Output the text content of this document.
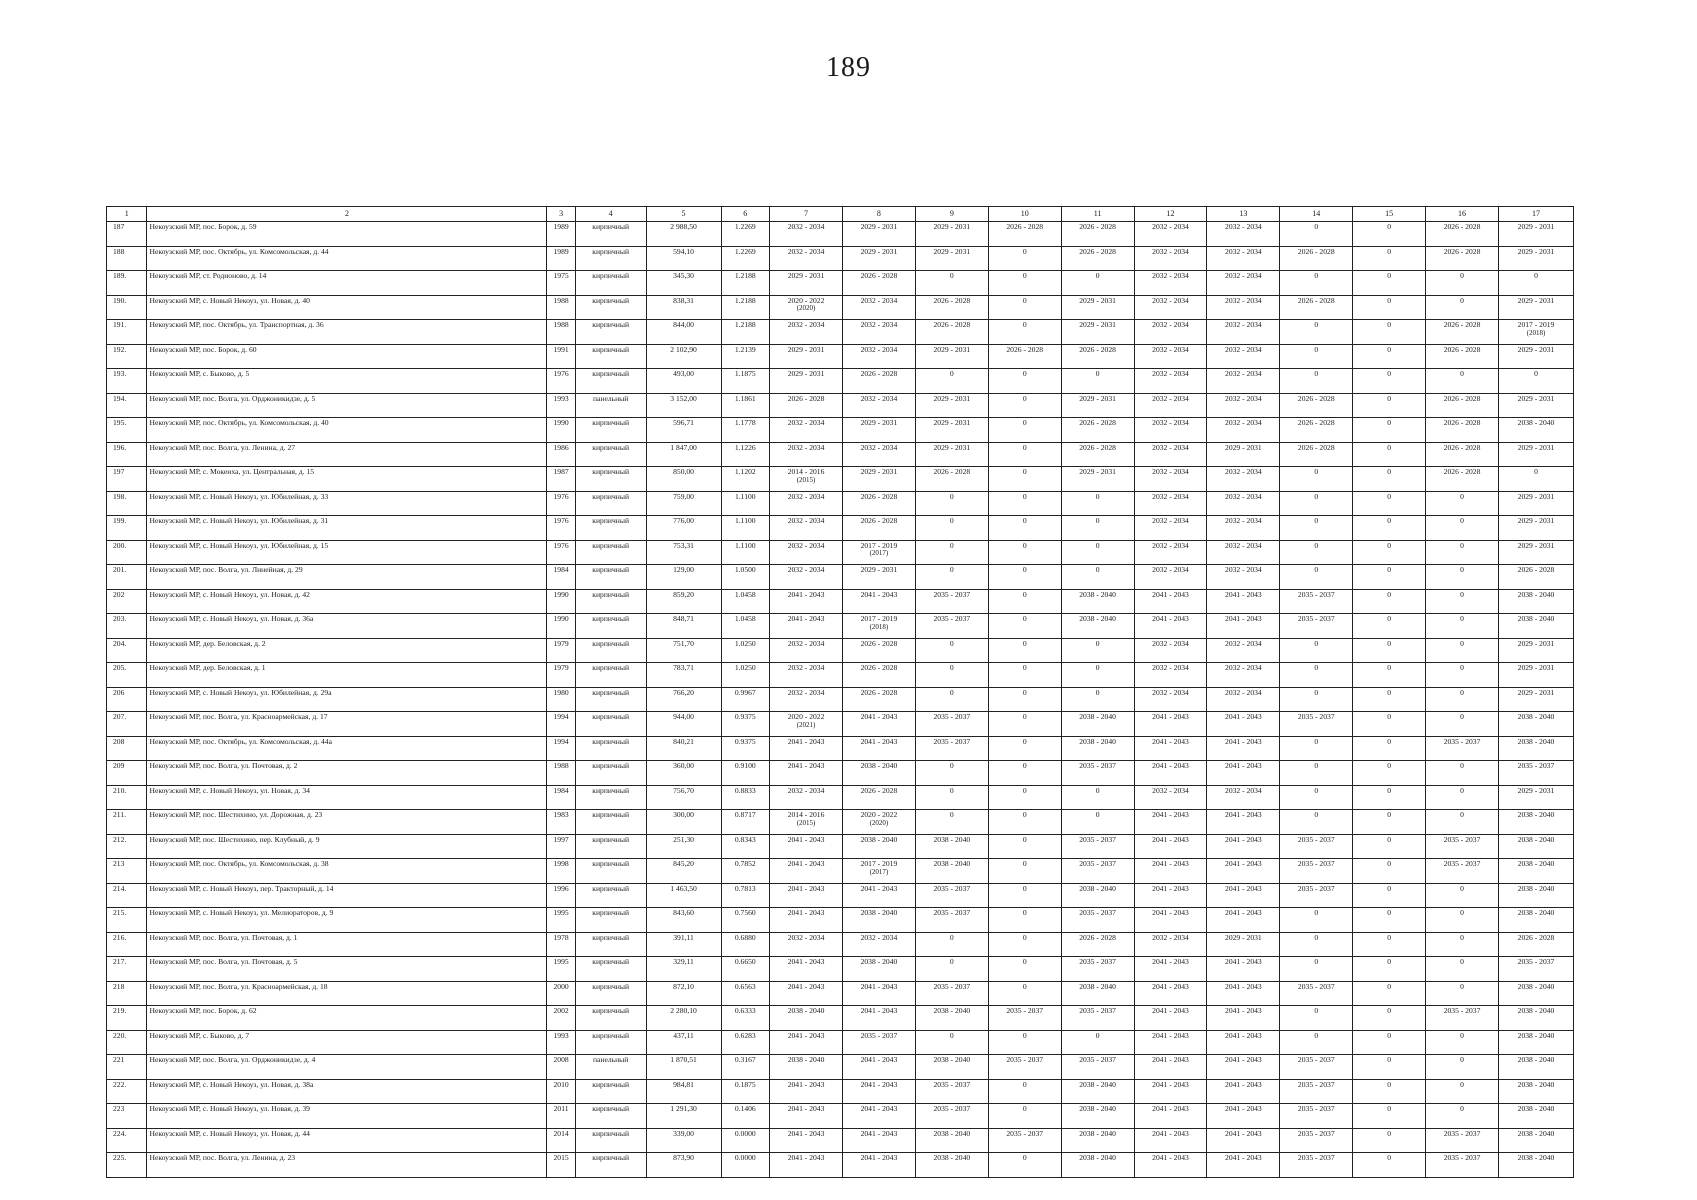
189
1	2	3	4	5	6	7	8	9	10	11	12	13	14	15	16	17
187	Некоузский МР, пос. Борок, д. 59	1989	кирпичный	2 988,50	1.2269	2032 - 2034	2029 - 2031	2029 - 2031	2026 - 2028	2026 - 2028	2032 - 2034	2032 - 2034	0	0	2026 - 2028	2029 - 2031
188	Некоузский МР, пос. Октябрь, ул. Комсомольская, д. 44	1989	кирпичный	594,10	1.2269	2032 - 2034	2029 - 2031	2029 - 2031	0	2026 - 2028	2032 - 2034	2032 - 2034	2026 - 2028	0	2026 - 2028	2029 - 2031
189.	Некоузский МР, ст. Родионово, д. 14	1975	кирпичный	345,30	1.2188	2029 - 2031	2026 - 2028	0	0	0	2032 - 2034	2032 - 2034	0	0	0	0
190.	Некоузский МР, с. Новый Некоуз, ул. Новая, д. 40	1988	кирпичный	838,31	1.2188	2020 - 2022
(2020)	2032 - 2034	2026 - 2028	0	2029 - 2031	2032 - 2034	2032 - 2034	2026 - 2028	0	0	2029 - 2031
191.	Некоузский МР, пос. Октябрь, ул. Транспортная, д. 36	1988	кирпичный	844,00	1.2188	2032 - 2034	2032 - 2034	2026 - 2028	0	2029 - 2031	2032 - 2034	2032 - 2034	0	0	2026 - 2028	2017 - 2019
(2018)

192.	Некоузский МР, пос. Борок, д. 60	1991	кирпичный	2 102,90	1.2139	2029 - 2031	2032 - 2034	2029 - 2031	2026 - 2028	2026 - 2028	2032 - 2034	2032 - 2034	0	0	2026 - 2028	2029 - 2031
193.	Некоузский МР, с. Быково, д. 5	1976	кирпичный	493,00	1.1875	2029 - 2031	2026 - 2028	0	0	0	2032 - 2034	2032 - 2034	0	0	0	0
194.	Некоузский МР, пос. Волга, ул. Орджоникидзе, д. 5	1993	панельный	3 152,00	1.1861	2026 - 2028	2032 - 2034	2029 - 2031	0	2029 - 2031	2032 - 2034	2032 - 2034	2026 - 2028	0	2026 - 2028	2029 - 2031
195.	Некоузский МР, пос. Октябрь, ул. Комсомольская, д. 40	1990	кирпичный	596,71	1.1778	2032 - 2034	2029 - 2031	2029 - 2031	0	2026 - 2028	2032 - 2034	2032 - 2034	2026 - 2028	0	2026 - 2028	2038 - 2040
196.	Некоузский МР, пос. Волга, ул. Ленина, д. 27	1986	кирпичный	1 847,00	1.1226	2032 - 2034	2032 - 2034	2029 - 2031	0	2026 - 2028	2032 - 2034	2029 - 2031	2026 - 2028	0	2026 - 2028	2029 - 2031
197	Некоузский МР, с. Мокеиха, ул. Центральная, д. 15	1987	кирпичный	850,00	1.1202	2014 - 2016
(2015)	2029 - 2031	2026 - 2028	0	2029 - 2031	2032 - 2034	2032 - 2034	0	0	2026 - 2028	0
198.	Некоузский МР, с. Новый Некоуз, ул. Юбилейная, д. 33	1976	кирпичный	759,00	1.1100	2032 - 2034	2026 - 2028	0	0	0	2032 - 2034	2032 - 2034	0	0	0	2029 - 2031
199.	Некоузский МР, с. Новый Некоуз, ул. Юбилейная, д. 31	1976	кирпичный	776,00	1.1100	2032 - 2034	2026 - 2028	0	0	0	2032 - 2034	2032 - 2034	0	0	0	2029 - 2031
200.	Некоузский МР, с. Новый Некоуз, ул. Юбилейная, д. 15	1976	кирпичный	753,31	1.1100	2032 - 2034	2017 - 2019
(2017)	0	0	0	2032 - 2034	2032 - 2034	0	0	0	2029 - 2031
201.	Некоузский МР, пос. Волга, ул. Линейная, д. 29	1984	кирпичный	129,00	1.0500	2032 - 2034	2029 - 2031	0	0	0	2032 - 2034	2032 - 2034	0	0	0	2026 - 2028
202	Некоузский МР, с. Новый Некоуз, ул. Новая, д. 42	1990	кирпичный	859,20	1.0458	2041 - 2043	2041 - 2043	2035 - 2037	0	2038 - 2040	2041 - 2043	2041 - 2043	2035 - 2037	0	0	2038 - 2040
203.	Некоузский МР, с. Новый Некоуз, ул. Новая, д. 36а	1990	кирпичный	848,71	1.0458	2041 - 2043	2017 - 2019
(2018)	2035 - 2037	0	2038 - 2040	2041 - 2043	2041 - 2043	2035 - 2037	0	0	2038 - 2040
204.	Некоузский МР, дер. Беловская, д. 2	1979	кирпичный	751,70	1.0250	2032 - 2034	2026 - 2028	0	0	0	2032 - 2034	2032 - 2034	0	0	0	2029 - 2031
205.	Некоузский МР, дер. Беловская, д. 1	1979	кирпичный	783,71	1.0250	2032 - 2034	2026 - 2028	0	0	0	2032 - 2034	2032 - 2034	0	0	0	2029 - 2031
206	Некоузский МР, с. Новый Некоуз, ул. Юбилейная, д. 29а	1980	кирпичный	766,20	0.9967	2032 - 2034	2026 - 2028	0	0	0	2032 - 2034	2032 - 2034	0	0	0	2029 - 2031
207.	Некоузский МР, пос. Волга, ул. Красноармейская, д. 17	1994	кирпичный	944,00	0.9375	2020 - 2022
(2021)	2041 - 2043	2035 - 2037	0	2038 - 2040	2041 - 2043	2041 - 2043	2035 - 2037	0	0	2038 - 2040
208	Некоузский МР, пос. Октябрь, ул. Комсомольская, д. 44а	1994	кирпичный	840,21	0.9375	2041 - 2043	2041 - 2043	2035 - 2037	0	2038 - 2040	2041 - 2043	2041 - 2043	0	0	2035 - 2037	2038 - 2040
209	Некоузский МР, пос. Волга, ул. Почтовая, д. 2	1988	кирпичный	360,00	0.9100	2041 - 2043	2038 - 2040	0	0	2035 - 2037	2041 - 2043	2041 - 2043	0	0	0	2035 - 2037
210.	Некоузский МР, с. Новый Некоуз, ул. Новая, д. 34	1984	кирпичный	756,70	0.8833	2032 - 2034	2026 - 2028	0	0	0	2032 - 2034	2032 - 2034	0	0	0	2029 - 2031
211.	Некоузский МР, пос. Шестихино, ул. Дорожная, д. 23	1983	кирпичный	300,00	0.8717	2014 - 2016
(2015)	2020 - 2022
(2020)	0	0	0	2041 - 2043	2041 - 2043	0	0	0	2038 - 2040
212.	Некоузский МР, пос. Шестихино, пер. Клубный, д. 9	1997	кирпичный	251,30	0.8343	2041 - 2043	2038 - 2040	2038 - 2040	0	2035 - 2037	2041 - 2043	2041 - 2043	2035 - 2037	0	2035 - 2037	2038 - 2040
213	Некоузский МР, пос. Октябрь, ул. Комсомольская, д. 38	1998	кирпичный	845,20	0.7852	2041 - 2043	2017 - 2019
(2017)	2038 - 2040	0	2035 - 2037	2041 - 2043	2041 - 2043	2035 - 2037	0	2035 - 2037	2038 - 2040
214.	Некоузский МР, с. Новый Некоуз, пер. Тракторный, д. 14	1996	кирпичный	1 463,50	0.7813	2041 - 2043	2041 - 2043	2035 - 2037	0	2038 - 2040	2041 - 2043	2041 - 2043	2035 - 2037	0	0	2038 - 2040
215.	Некоузский МР, с. Новый Некоуз, ул. Мелиораторов, д. 9	1995	кирпичный	843,60	0.7560	2041 - 2043	2038 - 2040	2035 - 2037	0	2035 - 2037	2041 - 2043	2041 - 2043	0	0	0	2038 - 2040
216.	Некоузский МР, пос. Волга, ул. Почтовая, д. 1	1978	кирпичный	391,11	0.6880	2032 - 2034	2032 - 2034	0	0	2026 - 2028	2032 - 2034	2029 - 2031	0	0	0	2026 - 2028
217.	Некоузский МР, пос. Волга, ул. Почтовая, д. 5	1995	кирпичный	329,11	0.6650	2041 - 2043	2038 - 2040	0	0	2035 - 2037	2041 - 2043	2041 - 2043	0	0	0	2035 - 2037
218	Некоузский МР, пос. Волга, ул. Красноармейская, д. 18	2000	кирпичный	872,10	0.6563	2041 - 2043	2041 - 2043	2035 - 2037	0	2038 - 2040	2041 - 2043	2041 - 2043	2035 - 2037	0	0	2038 - 2040
219.	Некоузский МР, пос. Борок, д. 62	2002	кирпичный	2 280,10	0.6333	2038 - 2040	2041 - 2043	2038 - 2040	2035 - 2037	2035 - 2037	2041 - 2043	2041 - 2043	0	0	2035 - 2037	2038 - 2040
220.	Некоузский МР, с. Быково, д. 7	1993	кирпичный	437,11	0.6283	2041 - 2043	2035 - 2037	0	0	0	2041 - 2043	2041 - 2043	0	0	0	2038 - 2040
221	Некоузский МР, пос. Волга, ул. Орджоникидзе, д. 4	2008	панельный	1 870,51	0.3167	2038 - 2040	2041 - 2043	2038 - 2040	2035 - 2037	2035 - 2037	2041 - 2043	2041 - 2043	2035 - 2037	0	0	2038 - 2040
222.	Некоузский МР, с. Новый Некоуз, ул. Новая, д. 38а	2010	кирпичный	984,81	0.1875	2041 - 2043	2041 - 2043	2035 - 2037	0	2038 - 2040	2041 - 2043	2041 - 2043	2035 - 2037	0	0	2038 - 2040
223	Некоузский МР, с. Новый Некоуз, ул. Новая, д. 39	2011	кирпичный	1 291,30	0.1406	2041 - 2043	2041 - 2043	2035 - 2037	0	2038 - 2040	2041 - 2043	2041 - 2043	2035 - 2037	0	0	2038 - 2040
224.	Некоузский МР, с. Новый Некоуз, ул. Новая, д. 44	2014	кирпичный	339,00	0.0000	2041 - 2043	2041 - 2043	2038 - 2040	2035 - 2037	2038 - 2040	2041 - 2043	2041 - 2043	2035 - 2037	0	2035 - 2037	2038 - 2040
225.	Некоузский МР, пос. Волга, ул. Ленина, д. 23	2015	кирпичный	873,90	0.0000	2041 - 2043	2041 - 2043	2038 - 2040	0	2038 - 2040	2041 - 2043	2041 - 2043	2035 - 2037	0	2035 - 2037	2038 - 2040
